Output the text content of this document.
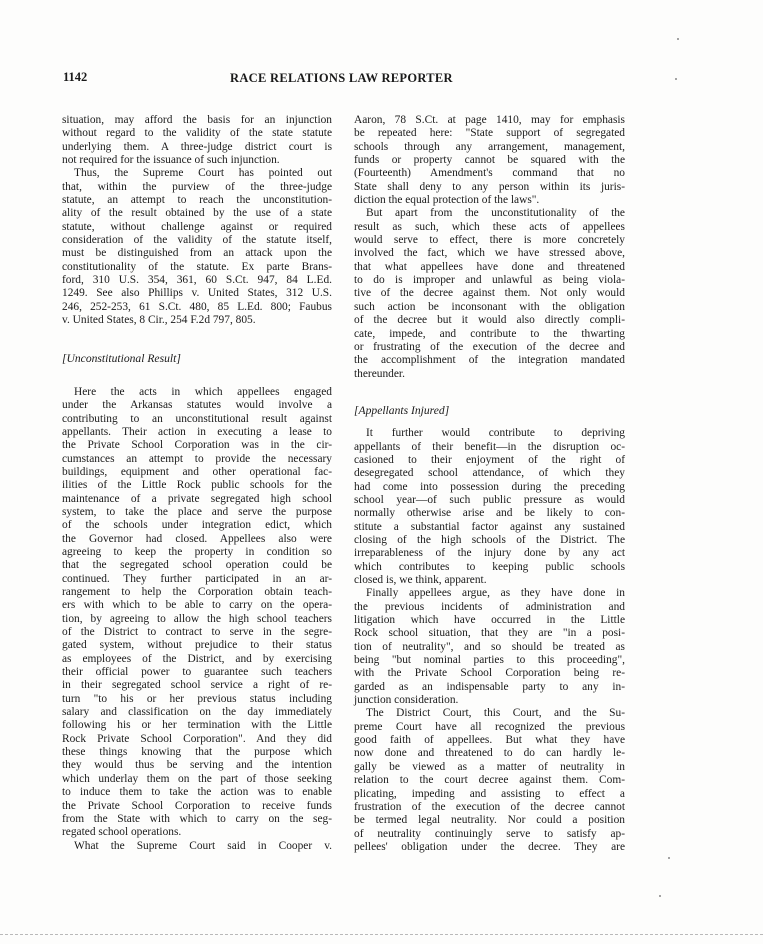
1142	RACE RELATIONS LAW REPORTER
situation, may afford the basis for an injunction
without regard to the validity of the state statute
underlying them. A three-judge district court is
not required for the issuance of such injunction.
Thus, the Supreme Court has pointed out
that, within the purview of the three-judge
statute, an attempt to reach the unconstitution-
ality of the result obtained by the use of a state
statute, without challenge against or required
consideration of the validity of the statute itself,
must be distinguished from an attack upon the
constitutionality of the statute. Ex parte Brans-
ford, 310 U.S. 354, 361, 60 S.Ct. 947, 84 L.Ed.
1249. See also Phillips v. United States, 312 U.S.
246, 252-253, 61 S.Ct. 480, 85 L.Ed. 800; Faubus
v. United States, 8 Cir., 254 F.2d 797, 805.
[Unconstitutional Result]
Here the acts in which appellees engaged
under the Arkansas statutes would involve a
contributing to an unconstitutional result against
appellants. Their action in executing a lease to
the Private School Corporation was in the cir-
cumstances an attempt to provide the necessary
buildings, equipment and other operational fac-
ilities of the Little Rock public schools for the
maintenance of a private segregated high school
system, to take the place and serve the purpose
of the schools under integration edict, which
the Governor had closed. Appellees also were
agreeing to keep the property in condition so
that the segregated school operation could be
continued. They further participated in an ar-
rangement to help the Corporation obtain teach-
ers with which to be able to carry on the opera-
tion, by agreeing to allow the high school teachers
of the District to contract to serve in the segre-
gated system, without prejudice to their status
as employees of the District, and by exercising
their official power to guarantee such teachers
in their segregated school service a right of re-
turn "to his or her previous status including
salary and classification on the day immediately
following his or her termination with the Little
Rock Private School Corporation". And they did
these things knowing that the purpose which
they would thus be serving and the intention
which underlay them on the part of those seeking
to induce them to take the action was to enable
the Private School Corporation to receive funds
from the State with which to carry on the seg-
regated school operations.
What the Supreme Court said in Cooper v.
Aaron, 78 S.Ct. at page 1410, may for emphasis
be repeated here: "State support of segregated
schools through any arrangement, management,
funds or property cannot be squared with the
(Fourteenth) Amendment's command that no
State shall deny to any person within its juris-
diction the equal protection of the laws".
But apart from the unconstitutionality of the
result as such, which these acts of appellees
would serve to effect, there is more concretely
involved the fact, which we have stressed above,
that what appellees have done and threatened
to do is improper and unlawful as being viola-
tive of the decree against them. Not only would
such action be inconsonant with the obligation
of the decree but it would also directly compli-
cate, impede, and contribute to the thwarting
or frustrating of the execution of the decree and
the accomplishment of the integration mandated
thereunder.
[Appellants Injured]
It further would contribute to depriving
appellants of their benefit—in the disruption oc-
casioned to their enjoyment of the right of
desegregated school attendance, of which they
had come into possession during the preceding
school year—of such public pressure as would
normally otherwise arise and be likely to con-
stitute a substantial factor against any sustained
closing of the high schools of the District. The
irreparableness of the injury done by any act
which contributes to keeping public schools
closed is, we think, apparent.
Finally appellees argue, as they have done in
the previous incidents of administration and
litigation which have occurred in the Little
Rock school situation, that they are "in a posi-
tion of neutrality", and so should be treated as
being "but nominal parties to this proceeding",
with the Private School Corporation being re-
garded as an indispensable party to any in-
junction consideration.
The District Court, this Court, and the Su-
preme Court have all recognized the previous
good faith of appellees. But what they have
now done and threatened to do can hardly le-
gally be viewed as a matter of neutrality in
relation to the court decree against them. Com-
plicating, impeding and assisting to effect a
frustration of the execution of the decree cannot
be termed legal neutrality. Nor could a position
of neutrality continuingly serve to satisfy ap-
pellees' obligation under the decree. They are
